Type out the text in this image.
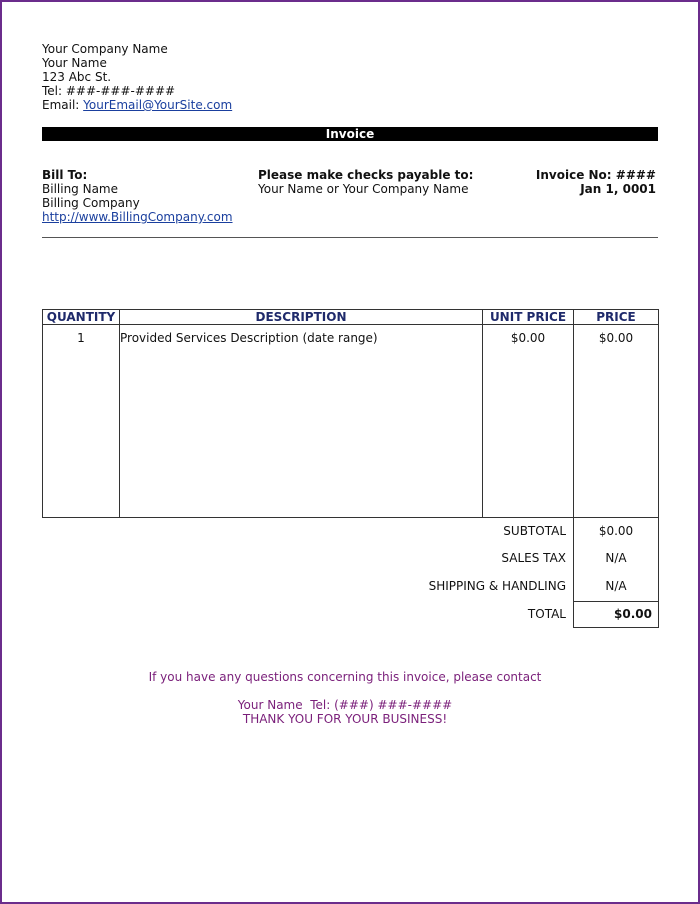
Your Company Name
Your Name
123 Abc St.
Tel: ###-###-####
Email: YourEmail@YourSite.com
Invoice
Bill To:
Billing Name
Billing Company
http://www.BillingCompany.com
Please make checks payable to:
Your Name or Your Company Name
Invoice No: ####
Jan 1, 0001
QUANTITY	DESCRIPTION	UNIT PRICE	PRICE
1	Provided Services Description (date range)	$0.00	$0.00
SUBTOTAL	$0.00
SALES TAX	N/A
SHIPPING & HANDLING	N/A
TOTAL	$0.00
If you have any questions concerning this invoice, please contact
Your Name  Tel: (###) ###-####
THANK YOU FOR YOUR BUSINESS!
